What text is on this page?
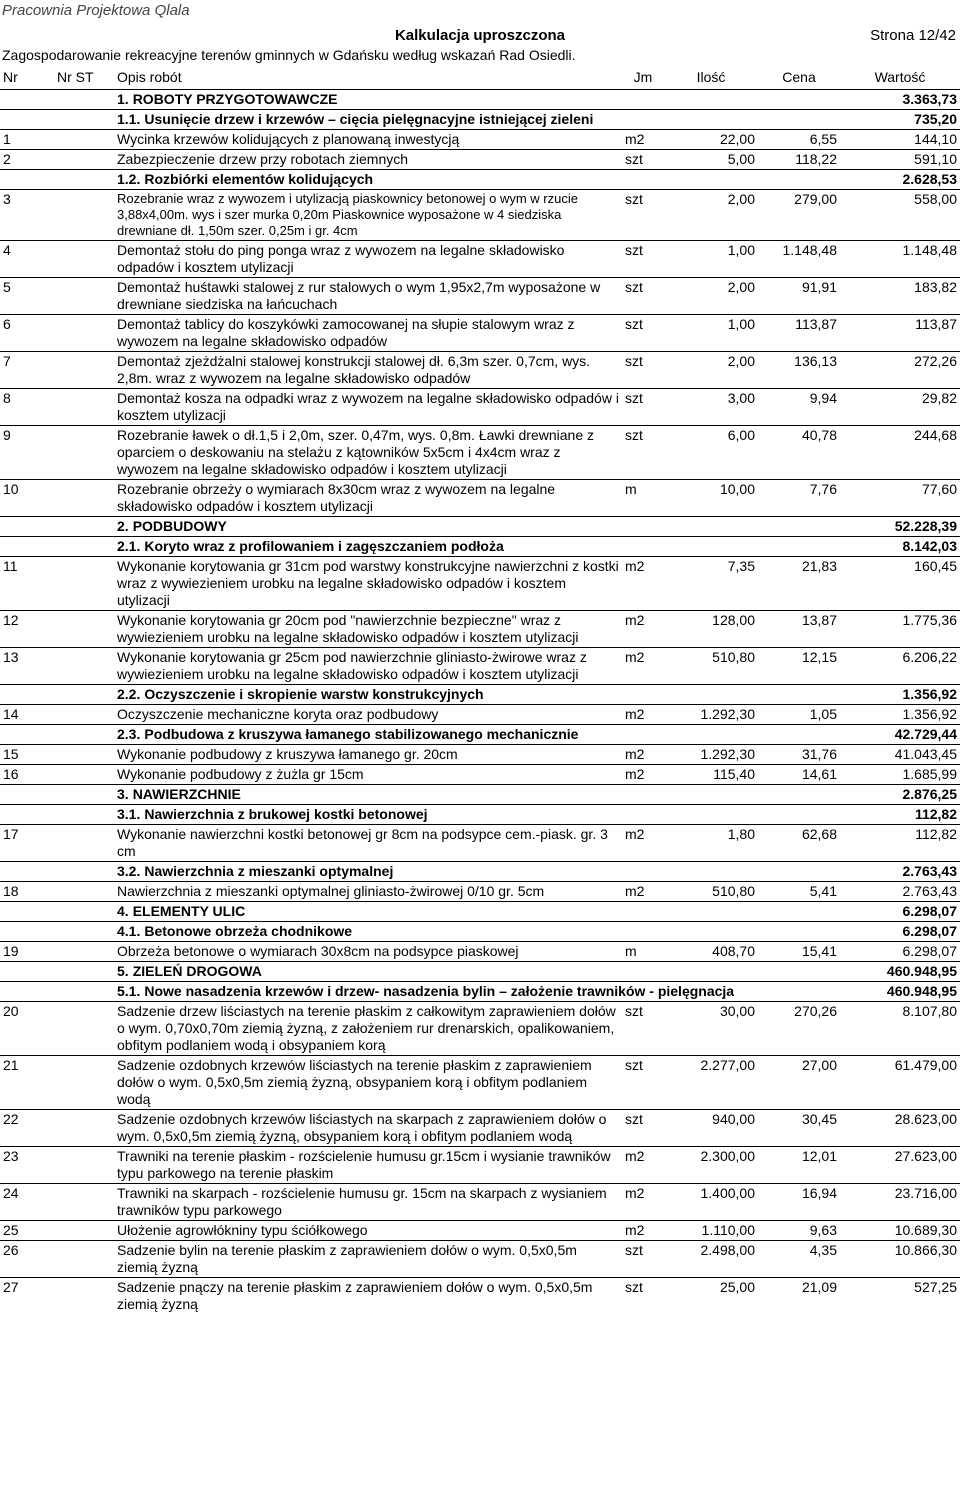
Pracownia Projektowa Qlala
Kalkulacja uproszczona	Strona 12/42
Zagospodarowanie rekreacyjne terenów gminnych w Gdańsku według wskazań Rad Osiedli.
Nr	Nr ST	Opis robót	Jm	Ilość	Cena	Wartość
		1. ROBOTY PRZYGOTOWAWCZE				3.363,73
		1.1. Usunięcie drzew i krzewów – cięcia pielęgnacyjne istniejącej zieleni				735,20
1		Wycinka krzewów kolidujących z planowaną inwestycją	m2	22,00	6,55	144,10
2		Zabezpieczenie drzew przy robotach ziemnych	szt	5,00	118,22	591,10
		1.2. Rozbiórki elementów kolidujących				2.628,53
3		Rozebranie wraz z wywozem i utylizacją piaskownicy betonowej o wym w rzucie 3,88x4,00m. wys i szer murka 0,20m Piaskownice wyposażone w 4 siedziska drewniane dł. 1,50m szer. 0,25m i gr. 4cm	szt	2,00	279,00	558,00
4		Demontaż stołu do ping ponga wraz z wywozem na legalne składowisko odpadów i kosztem utylizacji	szt	1,00	1.148,48	1.148,48
5		Demontaż huśtawki stalowej z rur stalowych o wym 1,95x2,7m wyposażone w drewniane siedziska na łańcuchach	szt	2,00	91,91	183,82
6		Demontaż tablicy do koszykówki zamocowanej na słupie stalowym wraz z wywozem na legalne składowisko odpadów	szt	1,00	113,87	113,87
7		Demontaż zjeżdżalni stalowej konstrukcji stalowej dł. 6,3m szer. 0,7cm, wys. 2,8m. wraz z wywozem na legalne składowisko odpadów	szt	2,00	136,13	272,26
8		Demontaż kosza na odpadki wraz z wywozem na legalne składowisko odpadów i kosztem utylizacji	szt	3,00	9,94	29,82
9		Rozebranie ławek o dł.1,5 i 2,0m, szer. 0,47m, wys. 0,8m. Ławki drewniane z oparciem o deskowaniu na stelażu z kątowników 5x5cm i 4x4cm wraz z wywozem na legalne składowisko odpadów i kosztem utylizacji	szt	6,00	40,78	244,68
10		Rozebranie obrzeży o wymiarach 8x30cm wraz z wywozem na legalne składowisko odpadów i kosztem utylizacji	m	10,00	7,76	77,60
		2. PODBUDOWY				52.228,39
		2.1. Koryto wraz z profilowaniem i zagęszczaniem podłoża				8.142,03
11		Wykonanie korytowania gr 31cm pod warstwy konstrukcyjne nawierzchni z kostki wraz z wywiezieniem urobku na legalne składowisko odpadów i kosztem utylizacji	m2	7,35	21,83	160,45
12		Wykonanie korytowania gr 20cm pod "nawierzchnie bezpieczne" wraz z wywiezieniem urobku na legalne składowisko odpadów i kosztem utylizacji	m2	128,00	13,87	1.775,36
13		Wykonanie korytowania gr 25cm pod nawierzchnie gliniasto-żwirowe wraz z wywiezieniem urobku na legalne składowisko odpadów i kosztem utylizacji	m2	510,80	12,15	6.206,22
		2.2. Oczyszczenie i skropienie warstw konstrukcyjnych				1.356,92
14		Oczyszczenie mechaniczne koryta oraz podbudowy	m2	1.292,30	1,05	1.356,92
		2.3. Podbudowa z kruszywa łamanego stabilizowanego mechanicznie				42.729,44
15		Wykonanie podbudowy z kruszywa łamanego gr. 20cm	m2	1.292,30	31,76	41.043,45
16		Wykonanie podbudowy z żużla gr 15cm	m2	115,40	14,61	1.685,99
		3. NAWIERZCHNIE				2.876,25
		3.1. Nawierzchnia z brukowej kostki betonowej				112,82
17		Wykonanie nawierzchni kostki betonowej gr 8cm na podsypce cem.-piask. gr. 3 cm	m2	1,80	62,68	112,82
		3.2. Nawierzchnia z mieszanki optymalnej				2.763,43
18		Nawierzchnia z mieszanki optymalnej gliniasto-żwirowej 0/10 gr. 5cm	m2	510,80	5,41	2.763,43
		4. ELEMENTY ULIC				6.298,07
		4.1. Betonowe obrzeża chodnikowe				6.298,07
19		Obrzeża betonowe o wymiarach 30x8cm na podsypce piaskowej	m	408,70	15,41	6.298,07
		5. ZIELEŃ DROGOWA				460.948,95
		5.1. Nowe nasadzenia krzewów i drzew- nasadzenia bylin – założenie trawników - pielęgnacja				460.948,95
20		Sadzenie drzew liściastych na terenie płaskim z całkowitym zaprawieniem dołów o wym. 0,70x0,70m ziemią żyzną, z założeniem rur drenarskich, opalikowaniem, obfitym podlaniem wodą i obsypaniem korą	szt	30,00	270,26	8.107,80
21		Sadzenie ozdobnych krzewów liściastych na terenie płaskim z zaprawieniem dołów o wym. 0,5x0,5m ziemią żyzną, obsypaniem korą i obfitym podlaniem wodą	szt	2.277,00	27,00	61.479,00
22		Sadzenie ozdobnych krzewów liściastych na skarpach z zaprawieniem dołów o wym. 0,5x0,5m ziemią żyzną, obsypaniem korą i obfitym podlaniem wodą	szt	940,00	30,45	28.623,00
23		Trawniki na terenie płaskim - rozścielenie humusu gr.15cm i wysianie trawników typu parkowego na terenie płaskim	m2	2.300,00	12,01	27.623,00
24		Trawniki na skarpach - rozścielenie humusu gr. 15cm na skarpach z wysianiem trawników typu parkowego	m2	1.400,00	16,94	23.716,00
25		Ułożenie agrowłókniny typu ściółkowego	m2	1.110,00	9,63	10.689,30
26		Sadzenie bylin na terenie płaskim z zaprawieniem dołów o wym. 0,5x0,5m ziemią żyzną	szt	2.498,00	4,35	10.866,30
27		Sadzenie pnączy na terenie płaskim z zaprawieniem dołów o wym. 0,5x0,5m ziemią żyzną	szt	25,00	21,09	527,25
